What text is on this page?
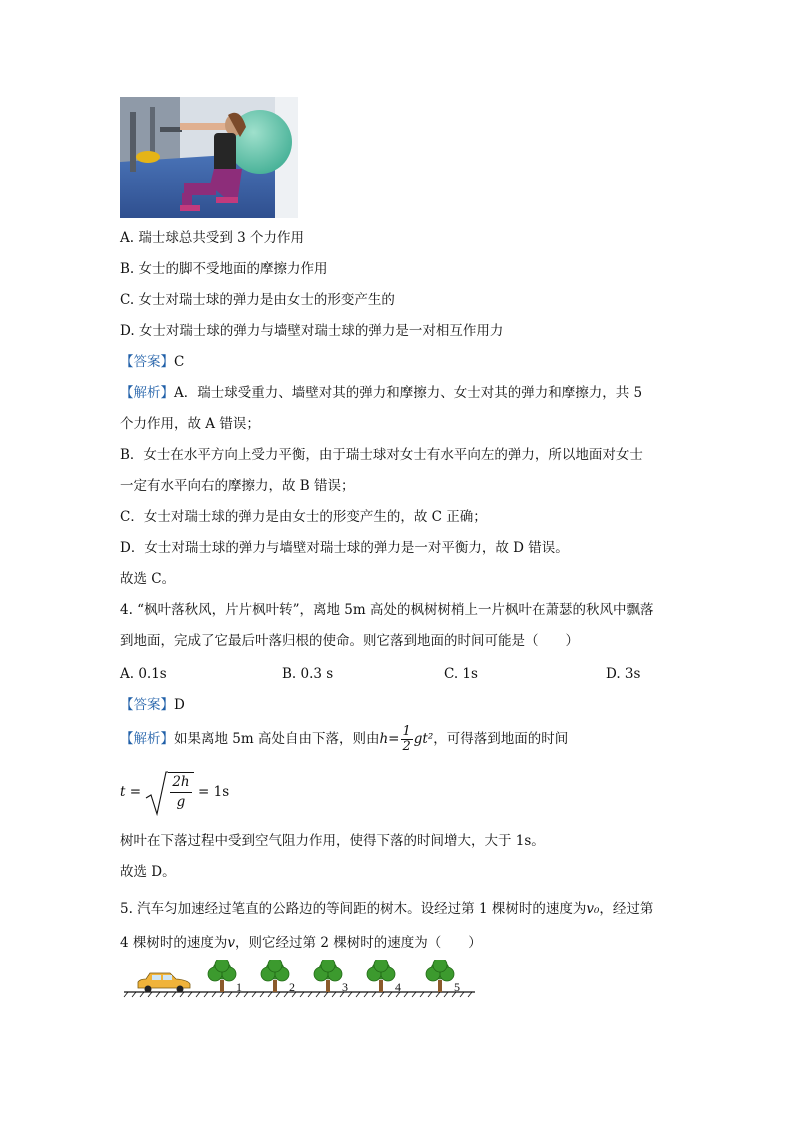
A. 瑞士球总共受到 3 个力作用
B. 女士的脚不受地面的摩擦力作用
C. 女士对瑞士球的弹力是由女士的形变产生的
D. 女士对瑞士球的弹力与墙壁对瑞士球的弹力是一对相互作用力
【答案】C
【解析】A．瑞士球受重力、墙壁对其的弹力和摩擦力、女士对其的弹力和摩擦力，共 5
个力作用，故 A 错误；
B．女士在水平方向上受力平衡，由于瑞士球对女士有水平向左的弹力，所以地面对女士
一定有水平向右的摩擦力，故 B 错误；
C．女士对瑞士球的弹力是由女士的形变产生的，故 C 正确；
D．女士对瑞士球的弹力与墙壁对瑞士球的弹力是一对平衡力，故 D 错误。
故选 C。
4. “枫叶落秋风，片片枫叶转”，离地 5m 高处的枫树树梢上一片枫叶在萧瑟的秋风中飘落
到地面，完成了它最后叶落归根的使命。则它落到地面的时间可能是（　　）
A. 0.1s	B. 0.3 s	C. 1s	D. 3s
【答案】D
【解析】如果离地 5m 高处自由下落，则由$h= \frac{1}{2} gt^2$，可得落到地面的时间
t =
2h
g
= 1s
树叶在下落过程中受到空气阻力作用，使得下落的时间增大，大于 1s。
故选 D。
5. 汽车匀加速经过笔直的公路边的等间距的树木。设经过第 1 棵树时的速度为v₀，经过第
4 棵树时的速度为v，则它经过第 2 棵树时的速度为（　　）
1	2	3	4	5
